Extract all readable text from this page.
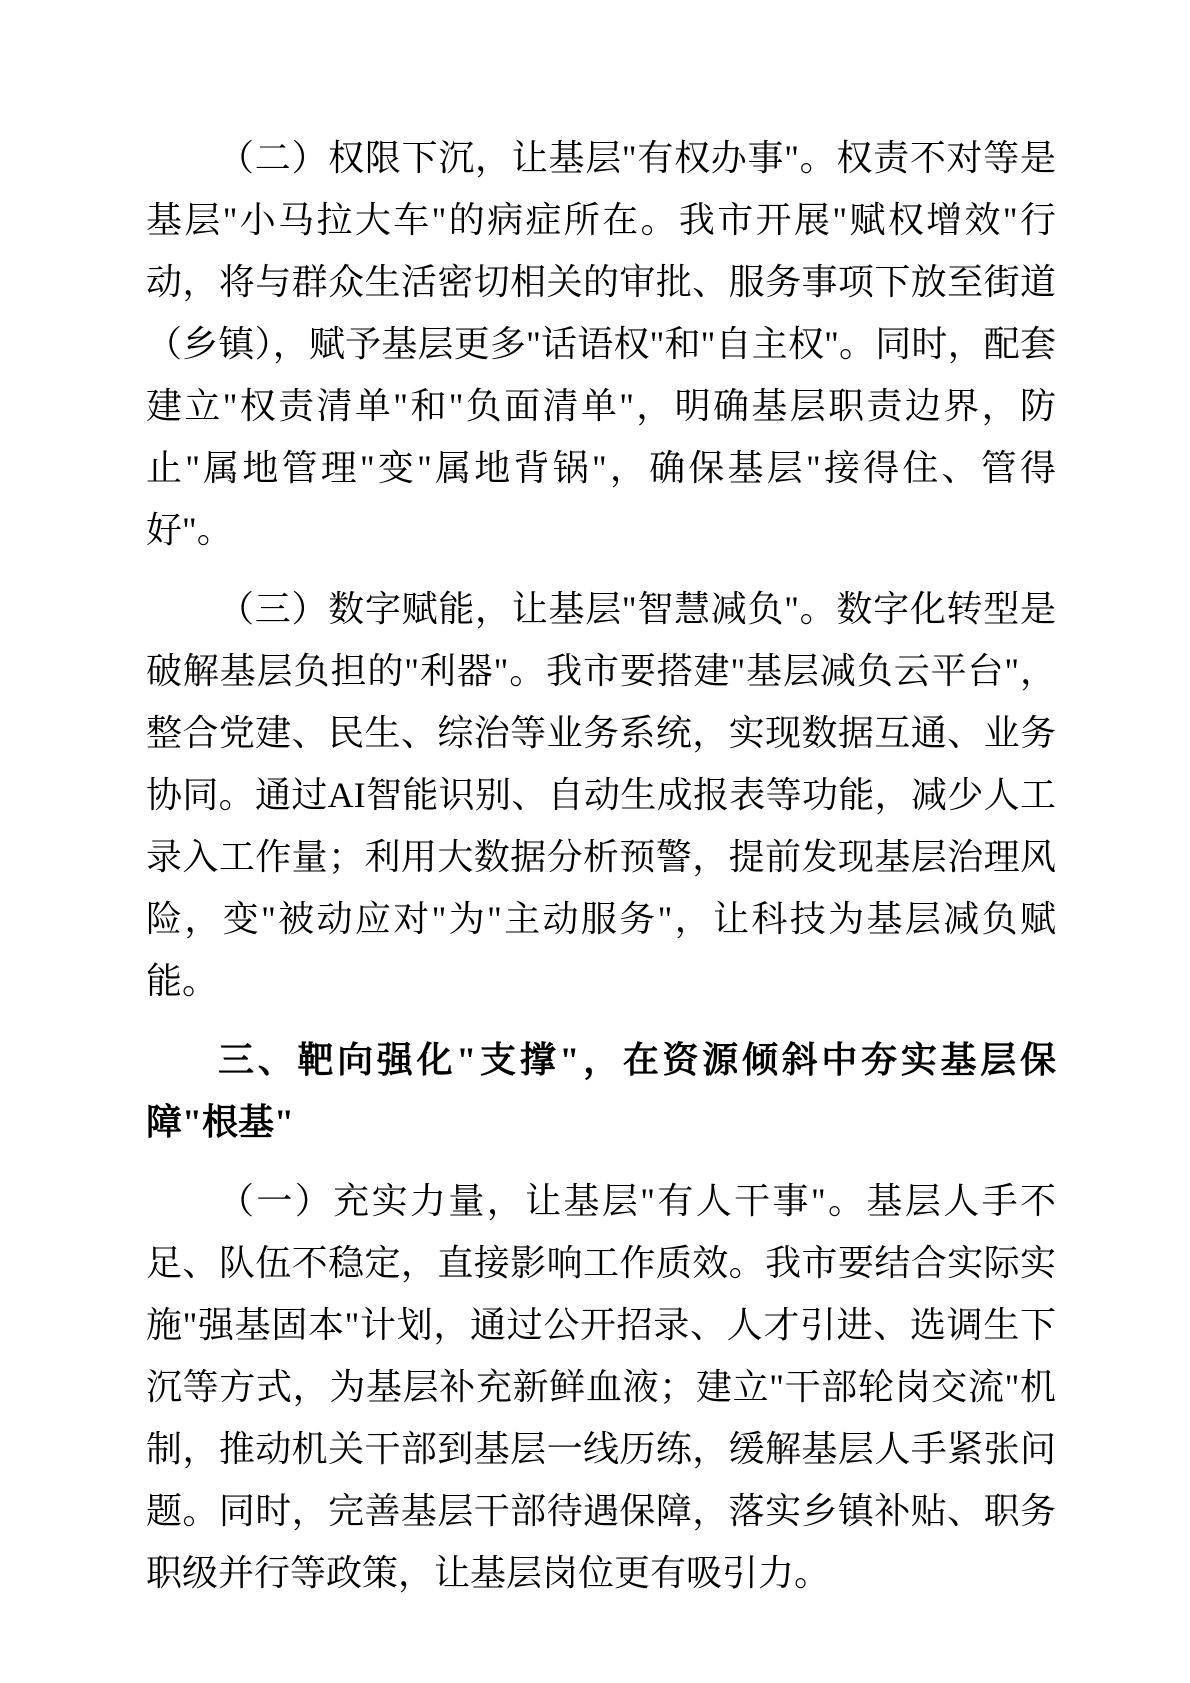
（二）权限下沉，让基层"有权办事"。权责不对等是基层"小马拉大车"的病症所在。我市开展"赋权增效"行动，将与群众生活密切相关的审批、服务事项下放至街道（乡镇），赋予基层更多"话语权"和"自主权"。同时，配套建立"权责清单"和"负面清单"，明确基层职责边界，防止"属地管理"变"属地背锅"，确保基层"接得住、管得好"。

（三）数字赋能，让基层"智慧减负"。数字化转型是破解基层负担的"利器"。我市要搭建"基层减负云平台"，整合党建、民生、综治等业务系统，实现数据互通、业务协同。通过AI智能识别、自动生成报表等功能，减少人工录入工作量；利用大数据分析预警，提前发现基层治理风险，变"被动应对"为"主动服务"，让科技为基层减负赋能。

三、靶向强化"支撑"，在资源倾斜中夯实基层保障"根基"

（一）充实力量，让基层"有人干事"。基层人手不足、队伍不稳定，直接影响工作质效。我市要结合实际实施"强基固本"计划，通过公开招录、人才引进、选调生下沉等方式，为基层补充新鲜血液；建立"干部轮岗交流"机制，推动机关干部到基层一线历练，缓解基层人手紧张问题。同时，完善基层干部待遇保障，落实乡镇补贴、职务职级并行等政策，让基层岗位更有吸引力。
